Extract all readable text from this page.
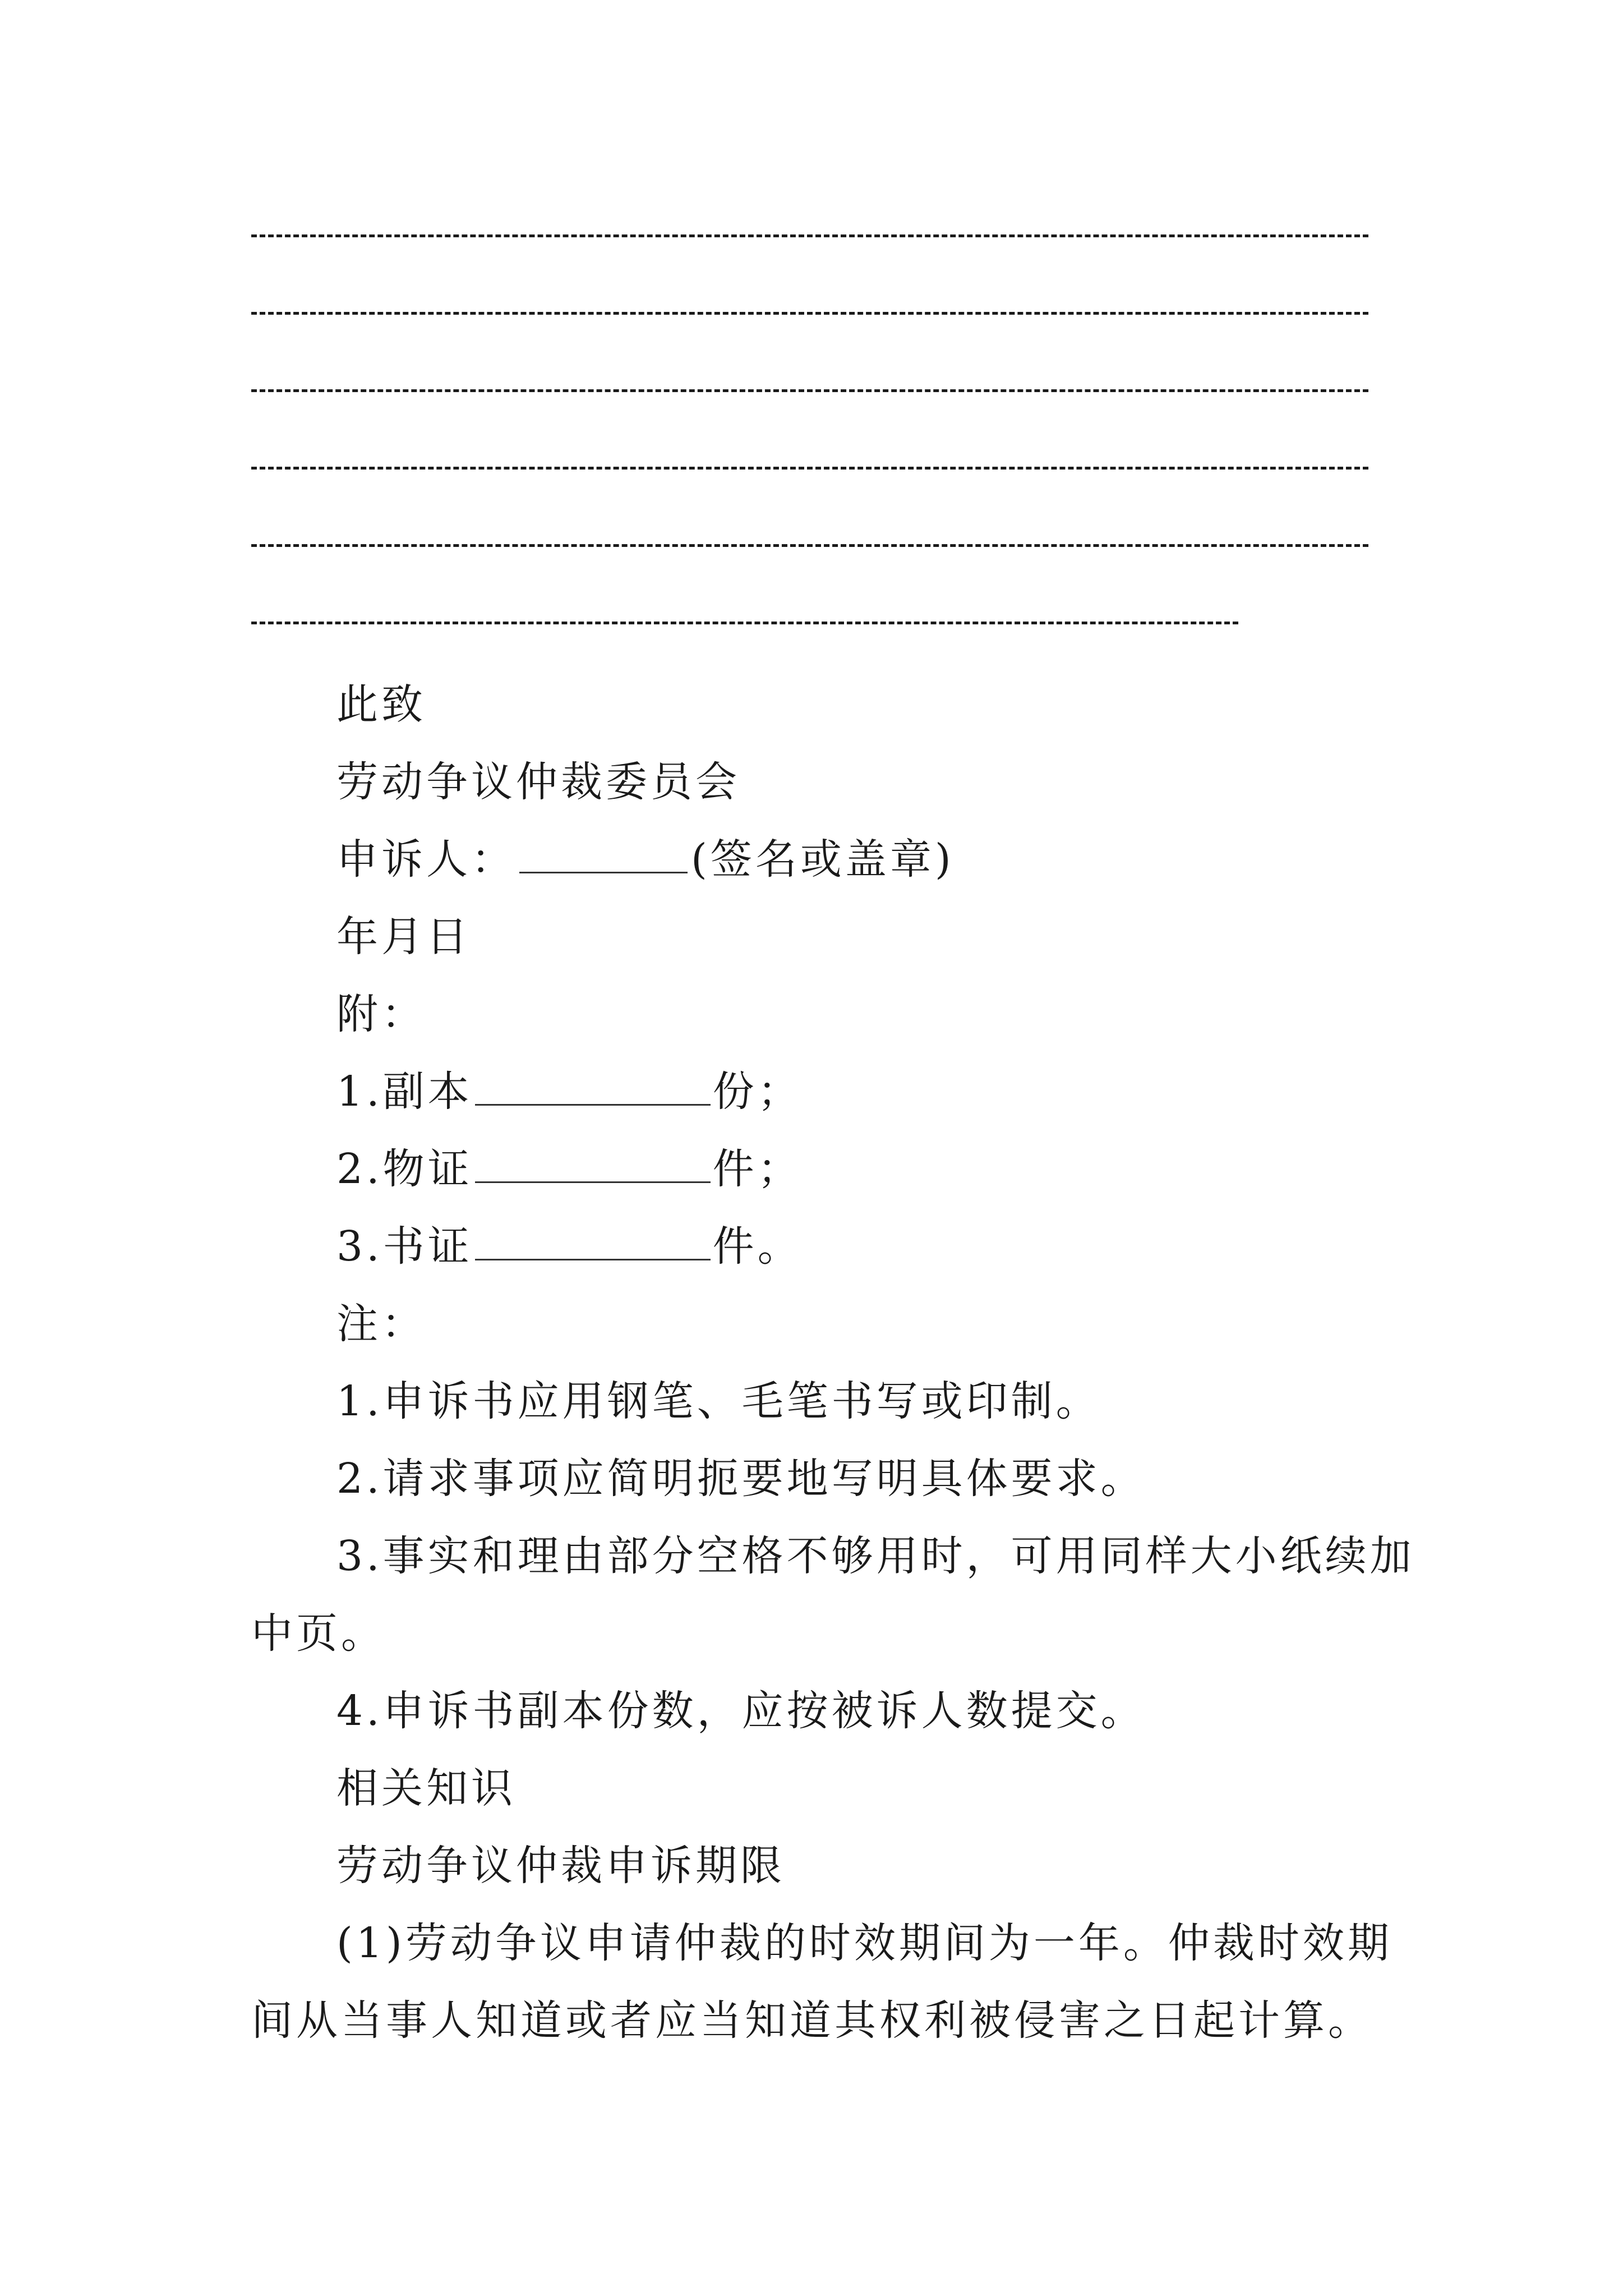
此致
劳动争议仲裁委员会
申诉人：	(签名或盖章)
年月日
附：
1.副本	份；
2.物证	件；
3.书证	件。
注：
1.申诉书应用钢笔、毛笔书写或印制。
2.请求事项应简明扼要地写明具体要求。
3.事实和理由部分空格不够用时，可用同样大小纸续加
中页。
4.申诉书副本份数，应按被诉人数提交。
相关知识
劳动争议仲裁申诉期限
(1)劳动争议申请仲裁的时效期间为一年。仲裁时效期
间从当事人知道或者应当知道其权利被侵害之日起计算。
